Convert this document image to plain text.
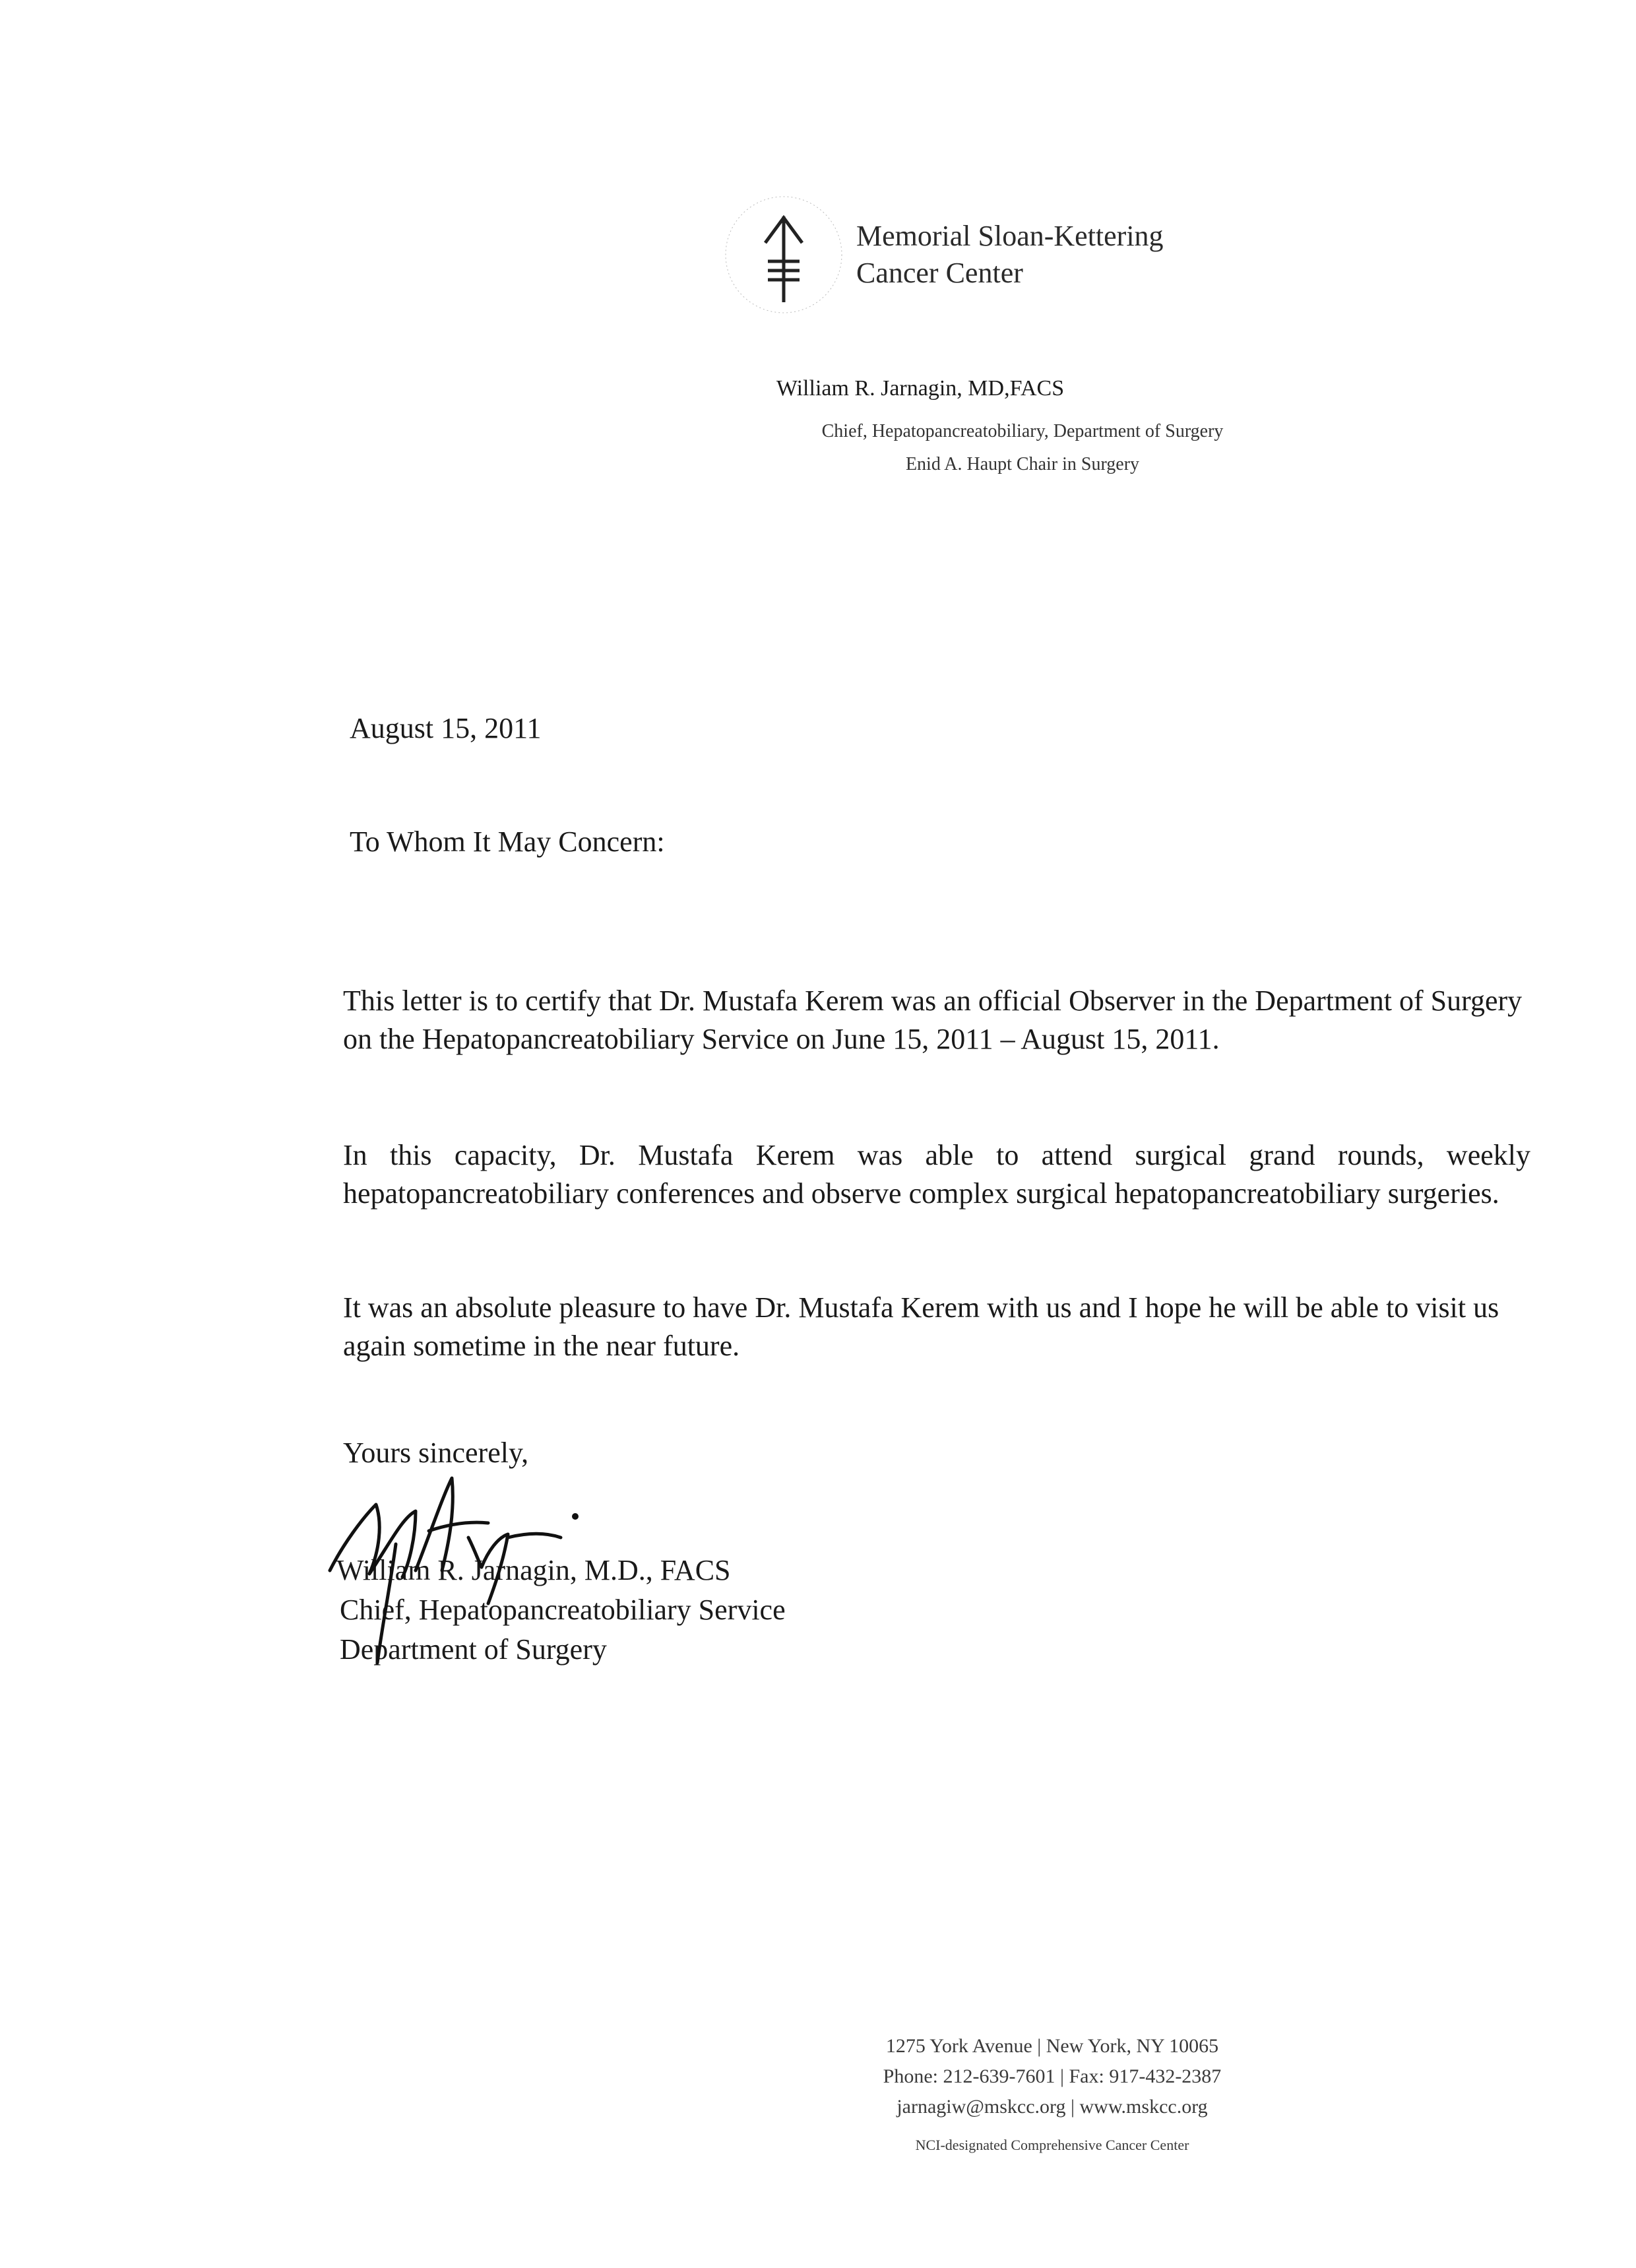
Memorial Sloan-Kettering
Cancer Center
William R. Jarnagin, MD,FACS
Chief, Hepatopancreatobiliary, Department of Surgery
Enid A. Haupt Chair in Surgery
August 15, 2011
To Whom It May Concern:
This letter is to certify that Dr. Mustafa Kerem was an official Observer in the Department of Surgery on the Hepatopancreatobiliary Service on June 15, 2011 – August 15, 2011.
In this capacity, Dr. Mustafa Kerem was able to attend surgical grand rounds, weekly hepatopancreatobiliary conferences and observe complex surgical hepatopancreatobiliary surgeries.
It was an absolute pleasure to have Dr. Mustafa Kerem with us and I hope he will be able to visit us again sometime in the near future.
Yours sincerely,
William R. Jarnagin, M.D., FACS
Chief, Hepatopancreatobiliary Service
Department of Surgery
1275 York Avenue | New York, NY 10065
Phone: 212-639-7601 | Fax: 917-432-2387
jarnagiw@mskcc.org | www.mskcc.org
NCI-designated Comprehensive Cancer Center
